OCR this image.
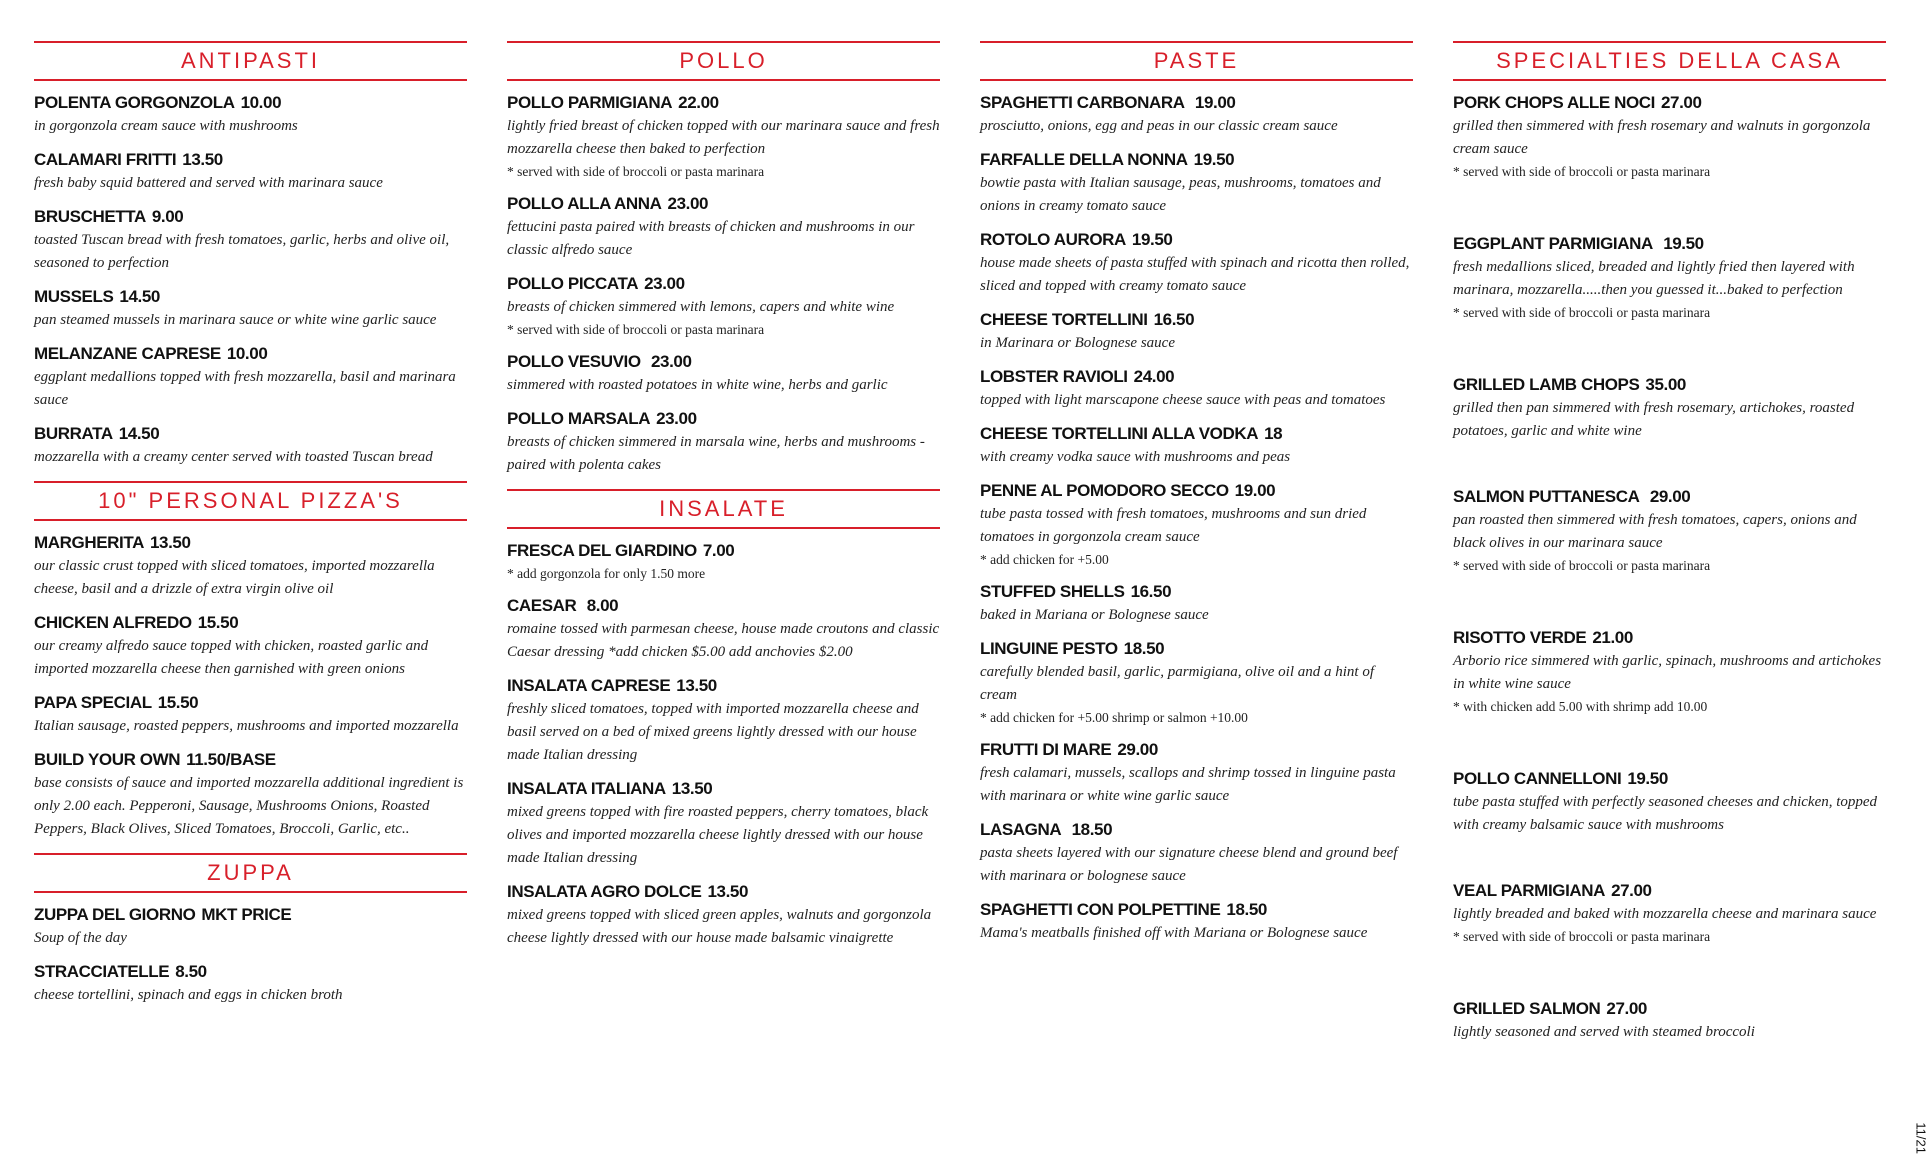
ANTIPASTI
POLENTA GORGONZOLA 10.00
in gorgonzola cream sauce with mushrooms
CALAMARI FRITTI 13.50
fresh baby squid battered and served with marinara sauce
BRUSCHETTA 9.00
toasted Tuscan bread with fresh tomatoes, garlic, herbs and olive oil, seasoned to perfection
MUSSELS 14.50
pan steamed mussels in marinara sauce or white wine garlic sauce
MELANZANE CAPRESE 10.00
eggplant medallions topped with fresh mozzarella, basil and marinara sauce
BURRATA 14.50
mozzarella with a creamy center served with toasted Tuscan bread
10" PERSONAL PIZZA'S
MARGHERITA 13.50
our classic crust topped with sliced tomatoes, imported mozzarella cheese, basil and a drizzle of extra virgin olive oil
CHICKEN ALFREDO 15.50
our creamy alfredo sauce topped with chicken, roasted garlic and imported mozzarella cheese then garnished with green onions
PAPA SPECIAL 15.50
Italian sausage, roasted peppers, mushrooms and imported mozzarella
BUILD YOUR OWN 11.50/BASE
base consists of sauce and imported mozzarella additional ingredient is only 2.00 each. Pepperoni, Sausage, Mushrooms Onions, Roasted Peppers, Black Olives, Sliced Tomatoes, Broccoli, Garlic, etc..
ZUPPA
ZUPPA DEL GIORNO MKT PRICE
Soup of the day
STRACCIATELLE 8.50
cheese tortellini, spinach and eggs in chicken broth
POLLO
POLLO PARMIGIANA 22.00
lightly fried breast of chicken topped with our marinara sauce and fresh mozzarella cheese then baked to perfection
* served with side of broccoli or pasta marinara
POLLO ALLA ANNA 23.00
fettucini pasta paired with breasts of chicken and mushrooms in our classic alfredo sauce
POLLO PICCATA 23.00
breasts of chicken simmered with lemons, capers and white wine
* served with side of broccoli or pasta marinara
POLLO VESUVIO 23.00
simmered with roasted potatoes in white wine, herbs and garlic
POLLO MARSALA 23.00
breasts of chicken simmered in marsala wine, herbs and mushrooms -paired with polenta cakes
INSALATE
FRESCA DEL GIARDINO 7.00
* add gorgonzola for only 1.50 more
CAESAR 8.00
romaine tossed with parmesan cheese, house made croutons and classic Caesar dressing *add chicken $5.00 add anchovies $2.00
INSALATA CAPRESE 13.50
freshly sliced tomatoes, topped with imported mozzarella cheese and basil served on a bed of mixed greens lightly dressed with our house made Italian dressing
INSALATA ITALIANA 13.50
mixed greens topped with fire roasted peppers, cherry tomatoes, black olives and imported mozzarella cheese lightly dressed with our house made Italian dressing
INSALATA AGRO DOLCE 13.50
mixed greens topped with sliced green apples, walnuts and gorgonzola cheese lightly dressed with our house made balsamic vinaigrette
PASTE
SPAGHETTI CARBONARA 19.00
prosciutto, onions, egg and peas in our classic cream sauce
FARFALLE DELLA NONNA 19.50
bowtie pasta with Italian sausage, peas, mushrooms, tomatoes and onions in creamy tomato sauce
ROTOLO AURORA 19.50
house made sheets of pasta stuffed with spinach and ricotta then rolled, sliced and topped with creamy tomato sauce
CHEESE TORTELLINI 16.50
in Marinara or Bolognese sauce
LOBSTER RAVIOLI 24.00
topped with light marscapone cheese sauce with peas and tomatoes
CHEESE TORTELLINI ALLA VODKA 18
with creamy vodka sauce with mushrooms and peas
PENNE AL POMODORO SECCO 19.00
tube pasta tossed with fresh tomatoes, mushrooms and sun dried tomatoes in gorgonzola cream sauce
* add chicken for +5.00
STUFFED SHELLS 16.50
baked in Mariana or Bolognese sauce
LINGUINE PESTO 18.50
carefully blended basil, garlic, parmigiana, olive oil and a hint of cream
* add chicken for +5.00 shrimp or salmon +10.00
FRUTTI DI MARE 29.00
fresh calamari, mussels, scallops and shrimp tossed in linguine pasta with marinara or white wine garlic sauce
LASAGNA 18.50
pasta sheets layered with our signature cheese blend and ground beef with marinara or bolognese sauce
SPAGHETTI CON POLPETTINE 18.50
Mama's meatballs finished off with Mariana or Bolognese sauce
SPECIALTIES DELLA CASA
PORK CHOPS ALLE NOCI 27.00
grilled then simmered with fresh rosemary and walnuts in gorgonzola cream sauce
* served with side of broccoli or pasta marinara
EGGPLANT PARMIGIANA 19.50
fresh medallions sliced, breaded and lightly fried then layered with marinara, mozzarella.....then you guessed it...baked to perfection
* served with side of broccoli or pasta marinara
GRILLED LAMB CHOPS 35.00
grilled then pan simmered with fresh rosemary, artichokes, roasted potatoes, garlic and white wine
SALMON PUTTANESCA 29.00
pan roasted then simmered with fresh tomatoes, capers, onions and black olives in our marinara sauce
* served with side of broccoli or pasta marinara
RISOTTO VERDE 21.00
Arborio rice simmered with garlic, spinach, mushrooms and artichokes in white wine sauce
* with chicken add 5.00 with shrimp add 10.00
POLLO CANNELLONI 19.50
tube pasta stuffed with perfectly seasoned cheeses and chicken, topped with creamy balsamic sauce with mushrooms
VEAL PARMIGIANA 27.00
lightly breaded and baked with mozzarella cheese and marinara sauce
* served with side of broccoli or pasta marinara
GRILLED SALMON 27.00
lightly seasoned and served with steamed broccoli
11/21
